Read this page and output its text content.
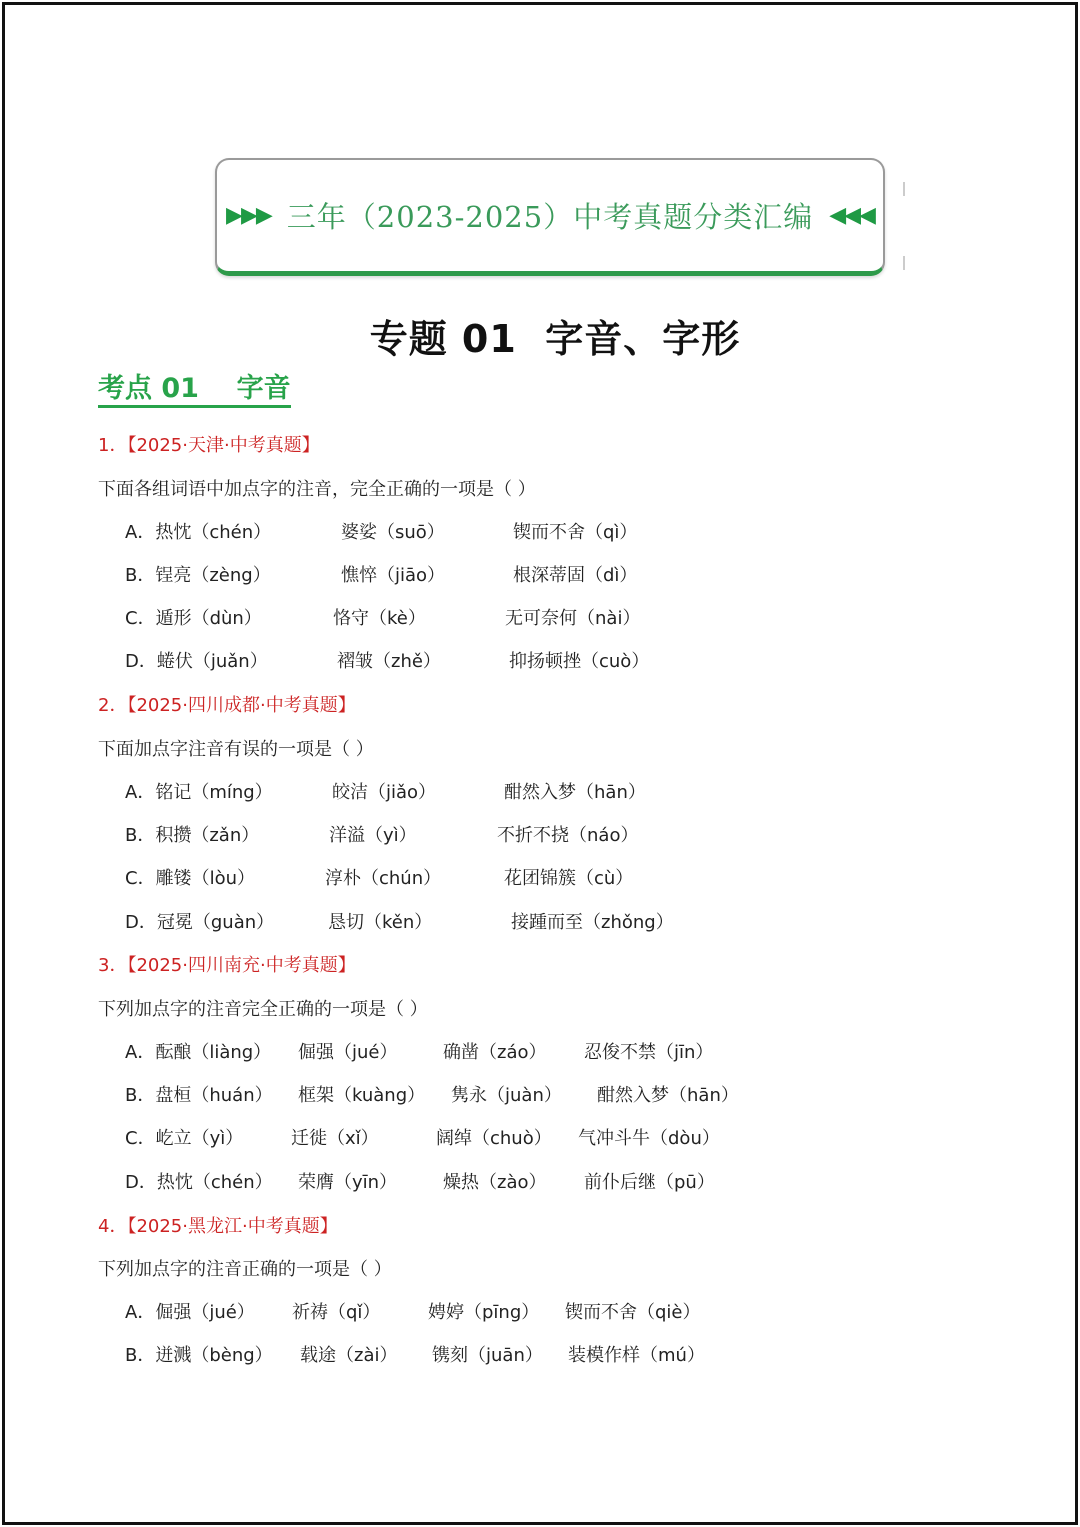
▶▶▶ 三年（2023-2025）中考真题分类汇编 ◀◀◀
专题 01  字音、字形
考点 01    字音
1．【2025·天津·中考真题】
下面各组词语中加点字的注音，完全正确的一项是（ ）
A．热忱（chén）	婆娑（suō）	锲而不舍（qì）
B．锃亮（zèng）	憔悴（jiāo）	根深蒂固（dì）
C．遁形（dùn）	恪守（kè）	无可奈何（nài）
D．蜷伏（juǎn）	褶皱（zhě）	抑扬顿挫（cuò）
2．【2025·四川成都·中考真题】
下面加点字注音有误的一项是（ ）
A．铭记（míng）	皎洁（jiǎo）	酣然入梦（hān）
B．积攒（zǎn）	洋溢（yì）	不折不挠（náo）
C．雕镂（lòu）	淳朴（chún）	花团锦簇（cù）
D．冠冕（guàn）	恳切（kěn）	接踵而至（zhǒng）
3．【2025·四川南充·中考真题】
下列加点字的注音完全正确的一项是（ ）
A．酝酿（liàng） 倔强（jué）	确凿（záo） 忍俊不禁（jīn）
B．盘桓（huán） 框架（kuàng） 隽永（juàn） 酣然入梦（hān）
C．屹立（yì）	迁徙（xǐ）	阔绰（chuò） 气冲斗牛（dòu）
D．热忱（chén） 荣膺（yīn）	燥热（zào） 前仆后继（pū）
4．【2025·黑龙江·中考真题】
下列加点字的注音正确的一项是（ ）
A．倔强（jué） 祈祷（qǐ）	娉婷（pīng） 锲而不舍（qiè）
B．迸溅（bèng） 载途（zài） 镌刻（juān） 装模作样（mú）
